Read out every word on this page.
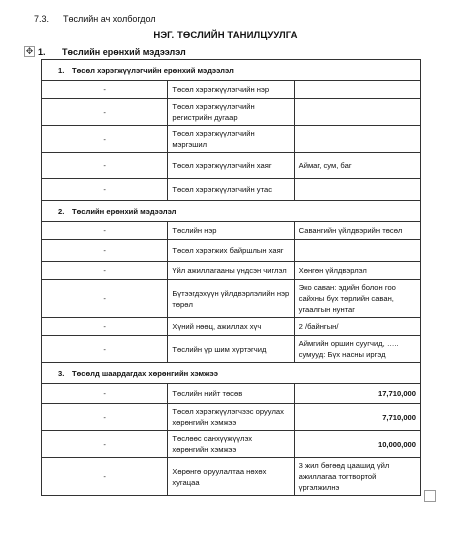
7.3. Төслийн ач холбогдол
НЭГ. ТӨСЛИЙН ТАНИЛЦУУЛГА
✥ 1. Төслийн ерөнхий мэдээлэл
1. Төсөл хэрэгжүүлэгчийн ерөнхий мэдээлэл		
-	Төсөл хэрэгжүүлэгчийн нэр	
-	Төсөл хэрэгжүүлэгчийн регистрийн дугаар	
-	Төсөл хэрэгжүүлэгчийн мэргэшил	
-	Төсөл хэрэгжүүлэгчийн хаяг	Аймаг, сум, баг
-	Төсөл хэрэгжүүлэгчийн утас	
2. Төслийн ерөнхий мэдээлэл		
-	Төслийн нэр	Савангийн үйлдвэрийн төсөл
-	Төсөл хэрэгжих байршлын хаяг	
-	Үйл ажиллагааны үндсэн чиглэл	Хөнгөн үйлдвэрлэл
-	Бүтээгдэхүүн үйлдвэрлэлийн нэр төрөл	Эко саван: эдийн болон гоо сайхны бүх төрлийн саван, угаалгын нунтаг
-	Хүний нөөц, ажиллах хүч	2 /байнгын/
-	Төслийн үр шим хүртэгчид	Аймгийн оршин суугчид, ….. сумууд: Бүх насны иргэд
3. Төсөлд шаардагдах хөрөнгийн хэмжээ		
-	Төслийн нийт төсөв	17,710,000
-	Төсөл хэрэгжүүлэгчээс оруулах хөрөнгийн хэмжээ	7,710,000
-	Төслөөс санхүүжүүлэх хөрөнгийн хэмжээ	10,000,000
-	Хөрөнгө оруулалтаа нөхөх хугацаа	3 жил бөгөөд цаашид үйл ажиллагаа тогтвортой үргэлжилнэ
